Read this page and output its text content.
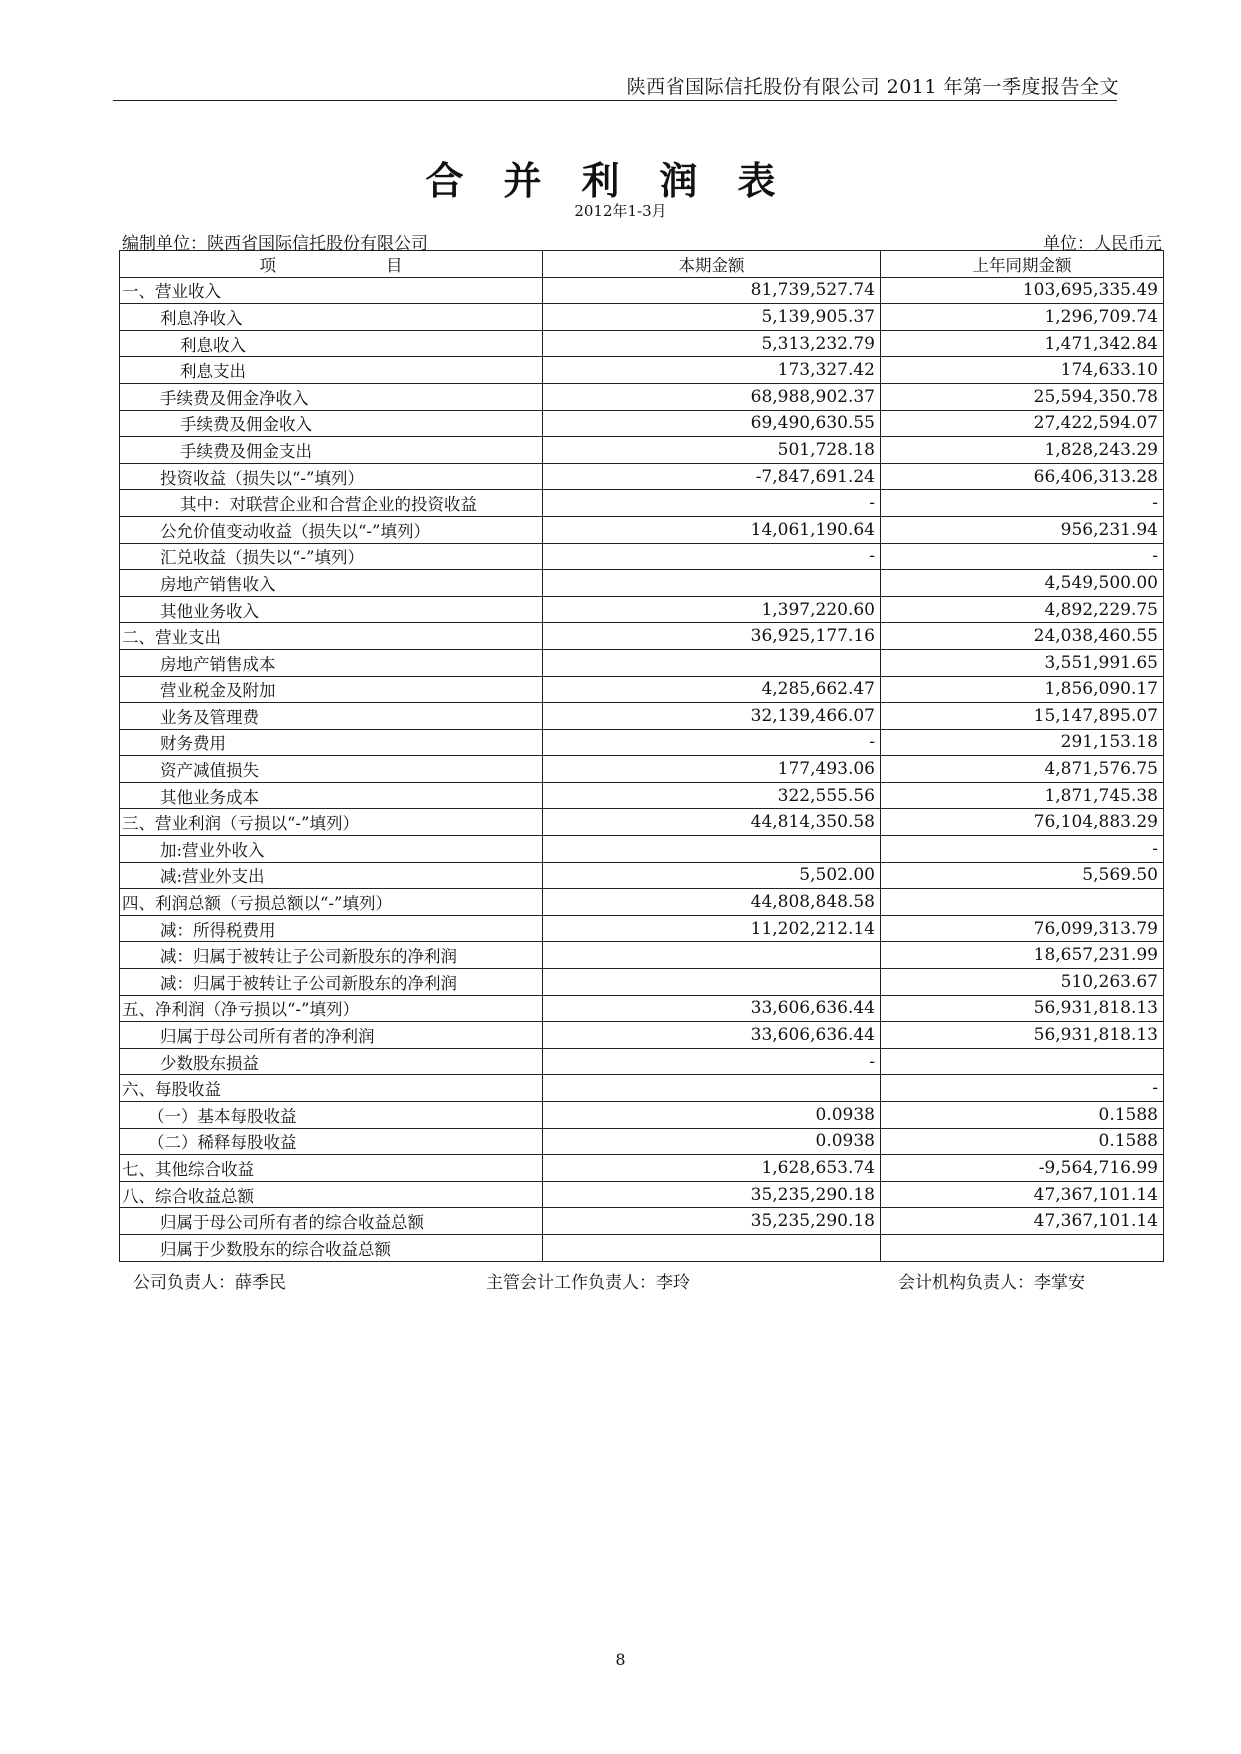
陕西省国际信托股份有限公司 2011 年第一季度报告全文
合并利润表
2012年1-3月
编制单位：陕西省国际信托股份有限公司	单位：人民币元
项 目	本期金额	上年同期金额
一、营业收入	81,739,527.74	103,695,335.49
利息净收入	5,139,905.37	1,296,709.74
利息收入	5,313,232.79	1,471,342.84
利息支出	173,327.42	174,633.10
手续费及佣金净收入	68,988,902.37	25,594,350.78
手续费及佣金收入	69,490,630.55	27,422,594.07
手续费及佣金支出	501,728.18	1,828,243.29
投资收益（损失以“-”填列）	-7,847,691.24	66,406,313.28
其中：对联营企业和合营企业的投资收益	-	-
公允价值变动收益（损失以“-”填列）	14,061,190.64	956,231.94
汇兑收益（损失以“-”填列）	-	-
房地产销售收入		4,549,500.00
其他业务收入	1,397,220.60	4,892,229.75
二、营业支出	36,925,177.16	24,038,460.55
房地产销售成本		3,551,991.65
营业税金及附加	4,285,662.47	1,856,090.17
业务及管理费	32,139,466.07	15,147,895.07
财务费用	-	291,153.18
资产减值损失	177,493.06	4,871,576.75
其他业务成本	322,555.56	1,871,745.38
三、营业利润（亏损以“-”填列）	44,814,350.58	76,104,883.29
加:营业外收入		-
减:营业外支出	5,502.00	5,569.50
四、利润总额（亏损总额以“-”填列）	44,808,848.58	
减：所得税费用	11,202,212.14	76,099,313.79
减：归属于被转让子公司新股东的净利润		18,657,231.99
减：归属于被转让子公司新股东的净利润		510,263.67
五、净利润（净亏损以“-”填列）	33,606,636.44	56,931,818.13
归属于母公司所有者的净利润	33,606,636.44	56,931,818.13
少数股东损益	-	
六、每股收益		-
（一）基本每股收益	0.0938	0.1588
（二）稀释每股收益	0.0938	0.1588
七、其他综合收益	1,628,653.74	-9,564,716.99
八、综合收益总额	35,235,290.18	47,367,101.14
归属于母公司所有者的综合收益总额	35,235,290.18	47,367,101.14
归属于少数股东的综合收益总额		
公司负责人：薛季民	主管会计工作负责人：李玲	会计机构负责人：李掌安
8
